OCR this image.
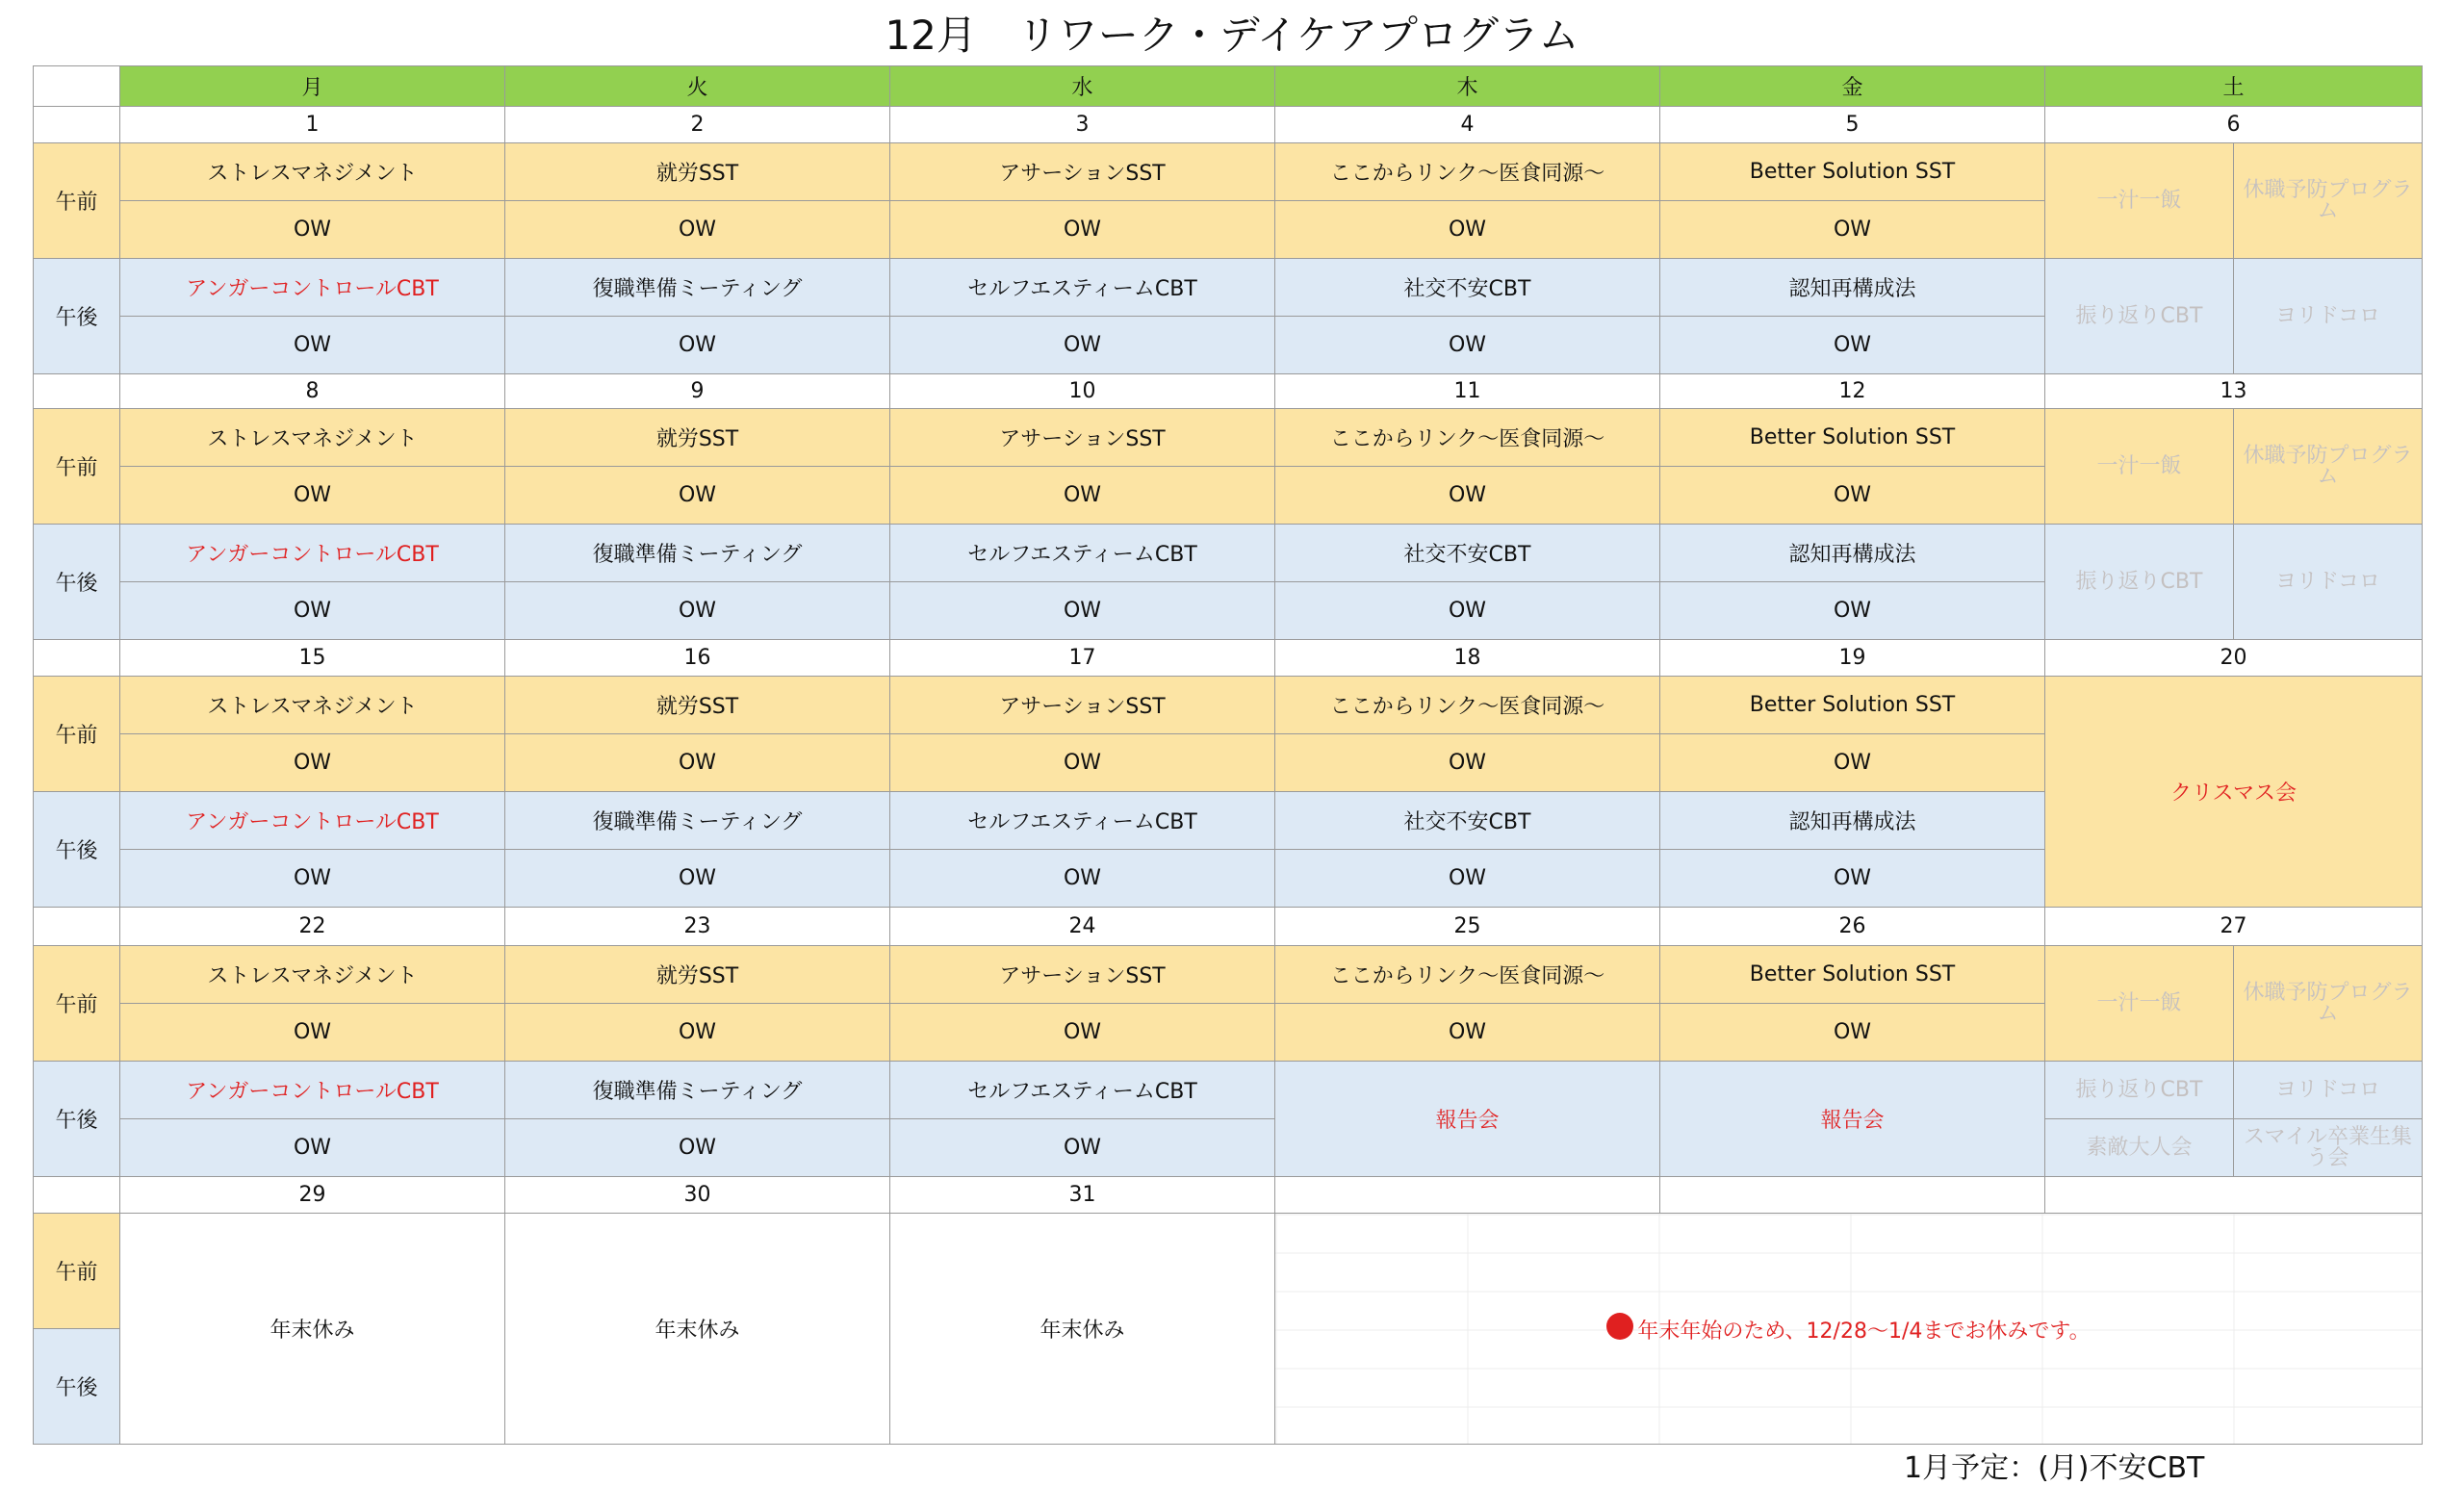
12月　リワーク・デイケアプログラム
	月	火	水	木	金	土	
	1	2	3	4	5	6	
午前	ストレスマネジメント	就労SST	アサーションSST	ここからリンク～医食同源～	Better Solution SST	一汁一飯	休職予防プログラム
	OW	OW	OW	OW	OW		
午後	アンガーコントロールCBT	復職準備ミーティング	セルフエスティームCBT	社交不安CBT	認知再構成法	振り返りCBT	ヨリドコロ
	OW	OW	OW	OW	OW		
	8	9	10	11	12	13	
午前	ストレスマネジメント	就労SST	アサーションSST	ここからリンク～医食同源～	Better Solution SST	一汁一飯	休職予防プログラム
	OW	OW	OW	OW	OW		
午後	アンガーコントロールCBT	復職準備ミーティング	セルフエスティームCBT	社交不安CBT	認知再構成法	振り返りCBT	ヨリドコロ
	OW	OW	OW	OW	OW		
	15	16	17	18	19	20	
午前	ストレスマネジメント	就労SST	アサーションSST	ここからリンク～医食同源～	Better Solution SST	クリスマス会	
	OW	OW	OW	OW	OW		
午後	アンガーコントロールCBT	復職準備ミーティング	セルフエスティームCBT	社交不安CBT	認知再構成法		
	OW	OW	OW	OW	OW		
	22	23	24	25	26	27	
午前	ストレスマネジメント	就労SST	アサーションSST	ここからリンク～医食同源～	Better Solution SST	一汁一飯	休職予防プログラム
	OW	OW	OW	OW	OW		
午後	アンガーコントロールCBT	復職準備ミーティング	セルフエスティームCBT	報告会	報告会	振り返りCBT	ヨリドコロ
	OW	OW	OW			素敵大人会	スマイル卒業生集う会
	29	30	31				
午前	年末休み	年末休み	年末休み	年末年始のため、12/28～1/4までお休みです。			
午後							
1月予定：(月)不安CBT
